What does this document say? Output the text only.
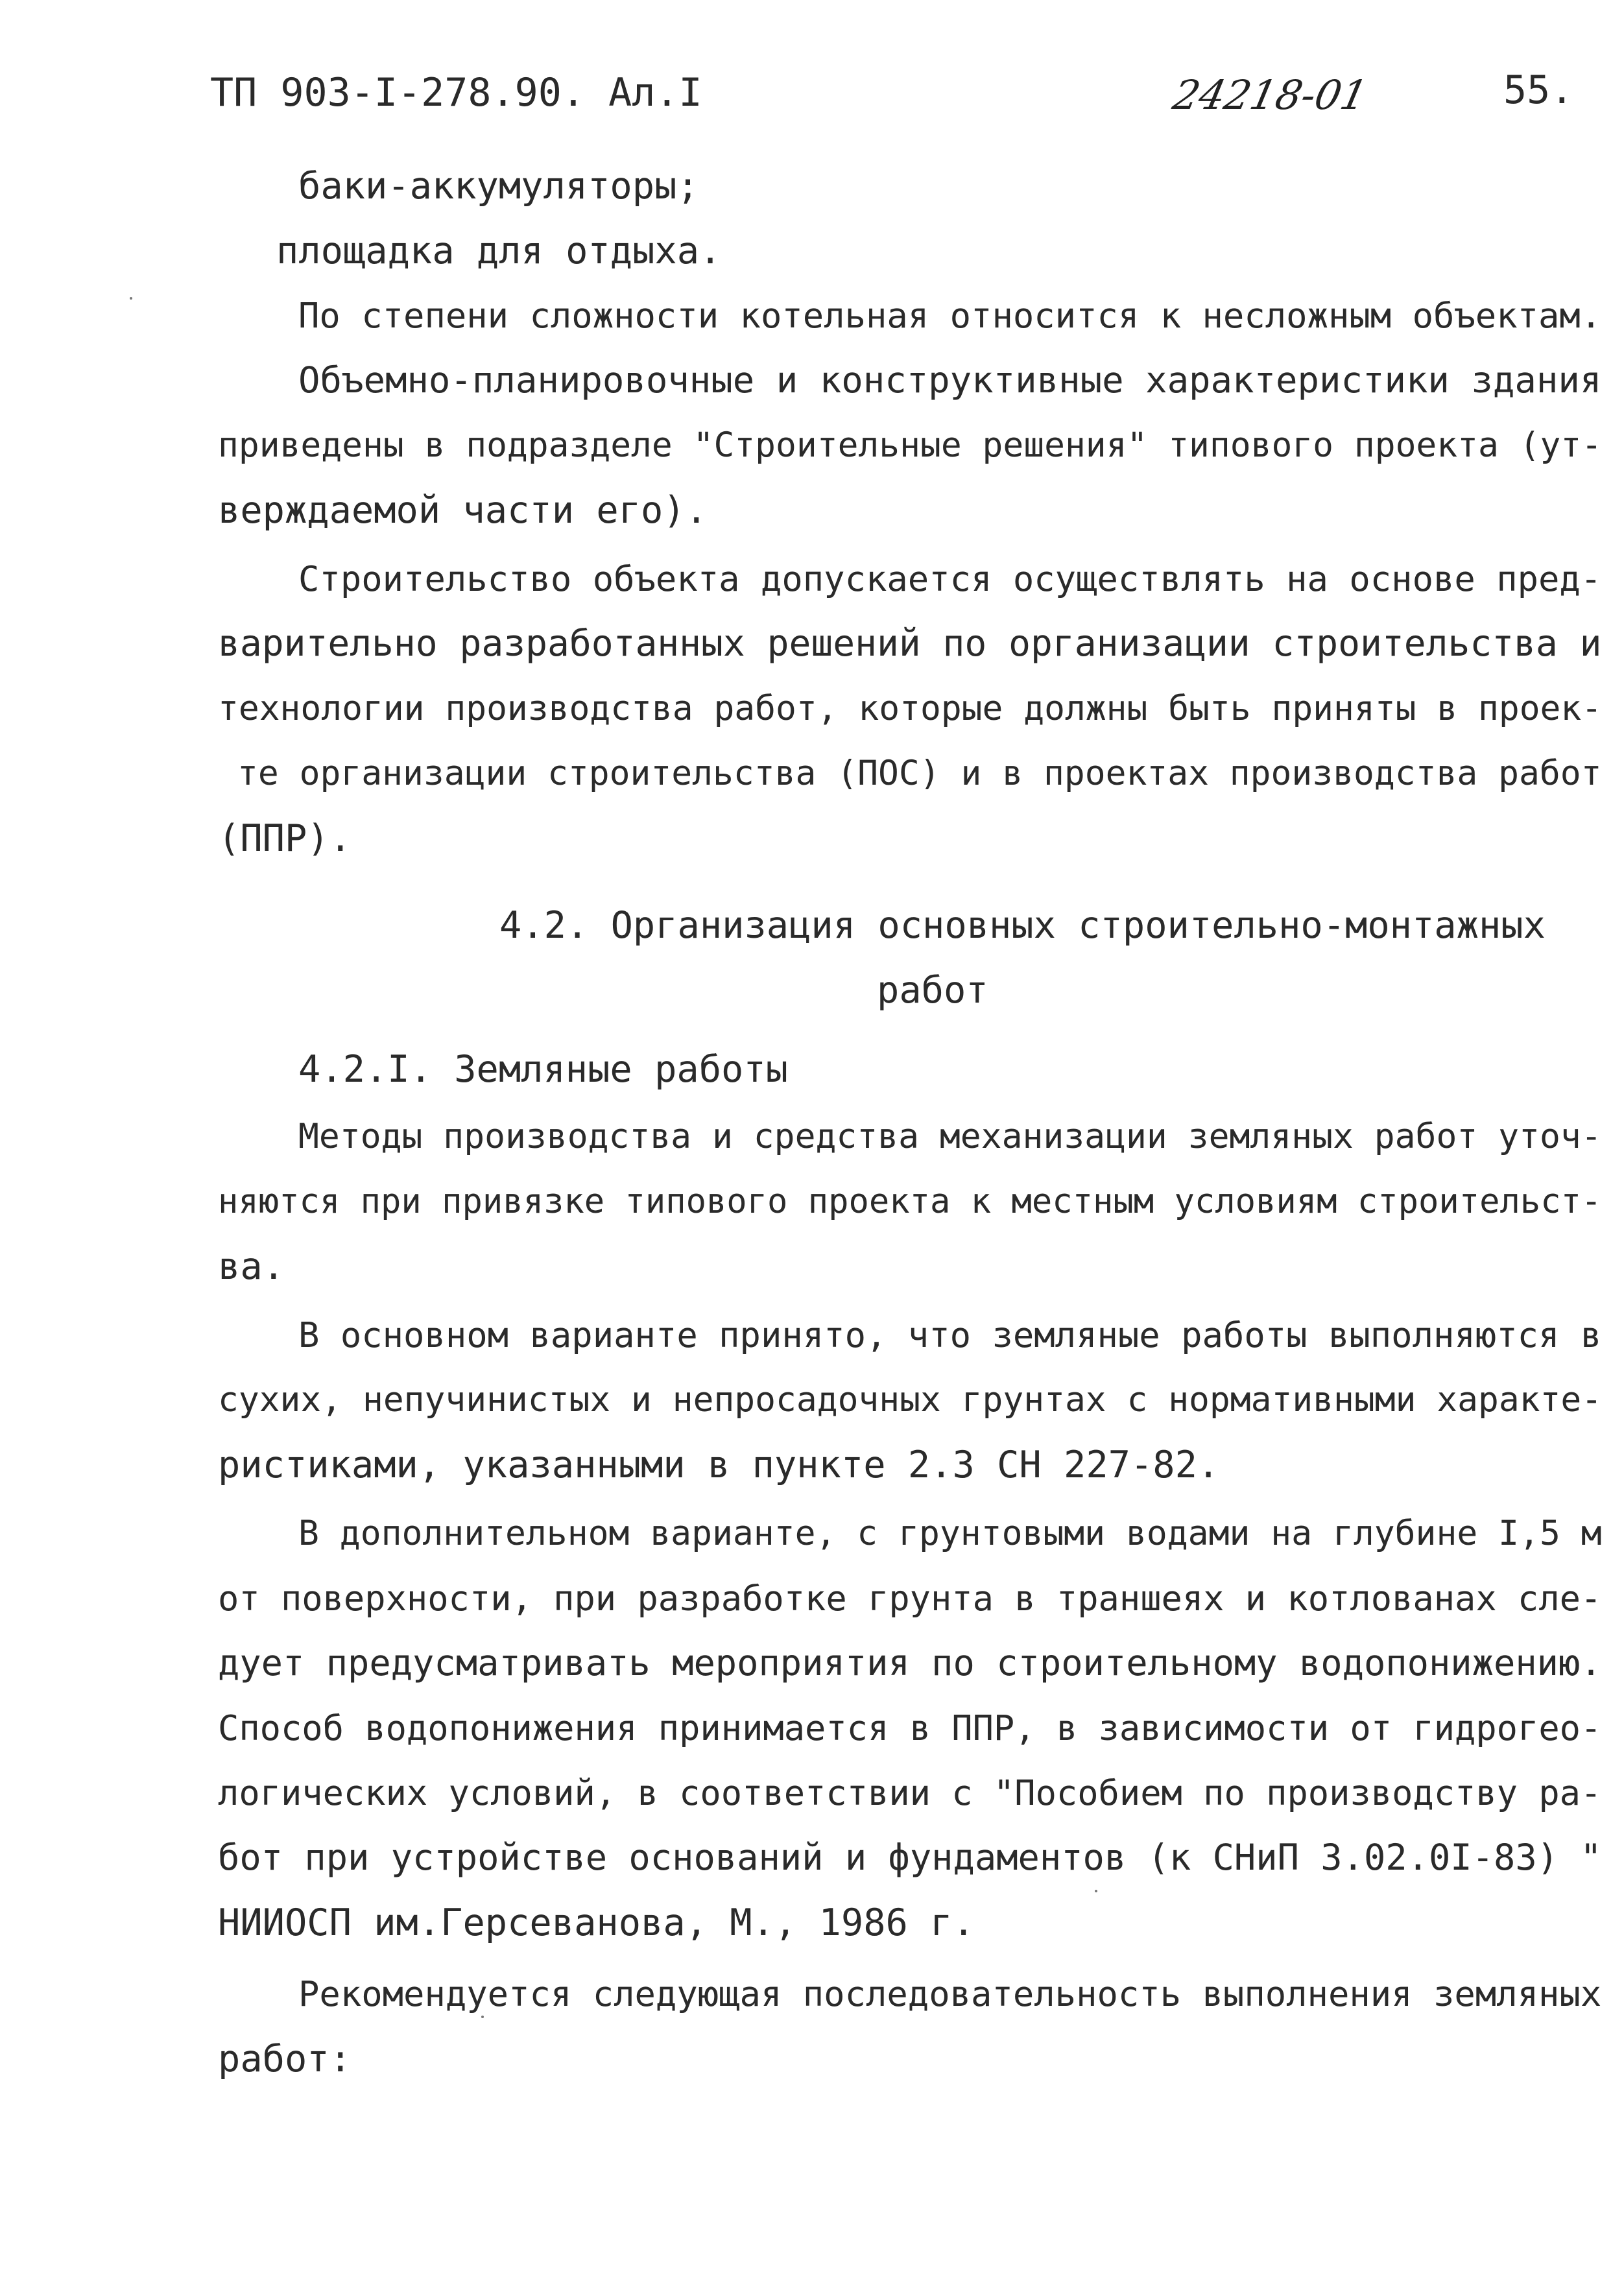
ТП 903-I-278.90. Ал.I	24218-01	55.
баки-аккумуляторы;
площадка для отдыха.
По степени сложности котельная относится к несложным объектам.
Объемно-планировочные и конструктивные характеристики здания
приведены в подразделе "Строительные решения" типового проекта (ут-
верждаемой части его).
Строительство объекта допускается осуществлять на основе пред-
варительно разработанных решений по организации строительства и
технологии производства работ, которые должны быть приняты в проек-
те организации строительства (ПОС) и в проектах производства работ
(ППР).
4.2. Организация основных строительно-монтажных
работ
4.2.I. Земляные работы
Методы производства и средства механизации земляных работ уточ-
няются при привязке типового проекта к местным условиям строительст-
ва.
В основном варианте принято, что земляные работы выполняются в
сухих, непучинистых и непросадочных грунтах с нормативными характе-
ристиками, указанными в пункте 2.3 СН 227-82.
В дополнительном варианте, с грунтовыми водами на глубине I,5 м
от поверхности, при разработке грунта в траншеях и котлованах сле-
дует предусматривать мероприятия по строительному водопонижению.
Способ водопонижения принимается в ППР, в зависимости от гидрогео-
логических условий, в соответствии с "Пособием по производству ра-
бот при устройстве оснований и фундаментов (к СНиП 3.02.0I-83) "
НИИОСП им.Герсеванова, М., 1986 г.
Рекомендуется следующая последовательность выполнения земляных
работ:
